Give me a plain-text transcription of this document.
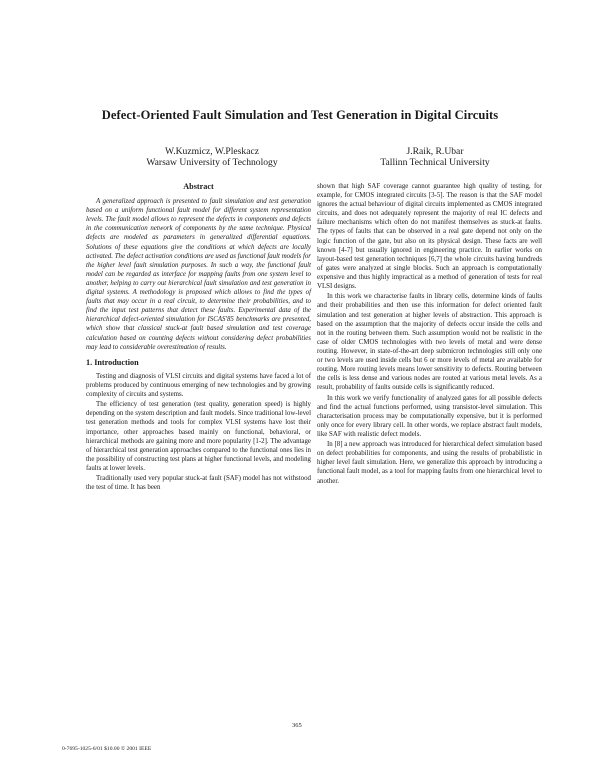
Defect-Oriented Fault Simulation and Test Generation in Digital Circuits
W.Kuzmicz, W.Pleskacz
Warsaw University of Technology
J.Raik, R.Ubar
Tallinn Technical University
Abstract

A generalized approach is presented to fault simulation and test generation based on a uniform functional fault model for different system representation levels. The fault model allows to represent the defects in components and defects in the communication network of components by the same technique. Physical defects are modeled as parameters in generalized differential equations. Solutions of these equations give the conditions at which defects are locally activated. The defect activation conditions are used as functional fault models for the higher level fault simulation purposes. In such a way, the functional fault model can be regarded as interface for mapping faults from one system level to another, helping to carry out hierarchical fault simulation and test generation in digital systems. A methodology is proposed which allows to find the types of faults that may occur in a real circuit, to determine their probabilities, and to find the input test patterns that detect these faults. Experimental data of the hierarchical defect-oriented simulation for ISCAS'85 benchmarks are presented, which show that classical stuck-at fault based simulation and test coverage calculation based on counting defects without considering defect probabilities may lead to considerable overestimation of results.

1. Introduction

Testing and diagnosis of VLSI circuits and digital systems have faced a lot of problems produced by continuous emerging of new technologies and by growing complexity of circuits and systems.

The efficiency of test generation (test quality, generation speed) is highly depending on the system description and fault models. Since traditional low-level test generation methods and tools for complex VLSI systems have lost their importance, other approaches based mainly on functional, behavioral, or hierarchical methods are gaining more and more popularity [1-2]. The advantage of hierarchical test generation approaches compared to the functional ones lies in the possibility of constructing test plans at higher functional levels, and modeling faults at lower levels.

Traditionally used very popular stuck-at fault (SAF) model has not withstood the test of time. It has been

shown that high SAF coverage cannot guarantee high quality of testing, for example, for CMOS integrated circuits [3-5]. The reason is that the SAF model ignores the actual behaviour of digital circuits implemented as CMOS integrated circuits, and does not adequately represent the majority of real IC defects and failure mechanisms which often do not manifest themselves as stuck-at faults. The types of faults that can be observed in a real gate depend not only on the logic function of the gate, but also on its physical design. These facts are well known [4-7] but usually ignored in engineering practice. In earlier works on layout-based test generation techniques [6,7] the whole circuits having hundreds of gates were analyzed at single blocks. Such an approach is computationally expensive and thus highly impractical as a method of generation of tests for real VLSI designs.

In this work we characterise faults in library cells, determine kinds of faults and their probabilities and then use this information for defect oriented fault simulation and test generation at higher levels of abstraction. This approach is based on the assumption that the majority of defects occur inside the cells and not in the routing between them. Such assumption would not be realistic in the case of older CMOS technologies with two levels of metal and were dense routing. However, in state-of-the-art deep submicron technologies still only one or two levels are used inside cells but 6 or more levels of metal are available for routing. More routing levels means lower sensitivity to defects. Routing between the cells is less dense and various nodes are routed at various metal levels. As a result, probability of faults outside cells is significantly reduced.

In this work we verify functionality of analyzed gates for all possible defects and find the actual functions performed, using transistor-level simulation. This characterisation process may be computationally expensive, but it is performed only once for every library cell. In other words, we replace abstract fault models, like SAF with realistic defect models.

In [8] a new approach was introduced for hierarchical defect simulation based on defect probabilities for components, and using the results of probabilistic in higher level fault simulation. Here, we generalize this approach by introducing a functional fault model, as a tool for mapping faults from one hierarchical level to another.

365
0-7695-1025-6/01 $10.00 © 2001 IEEE
